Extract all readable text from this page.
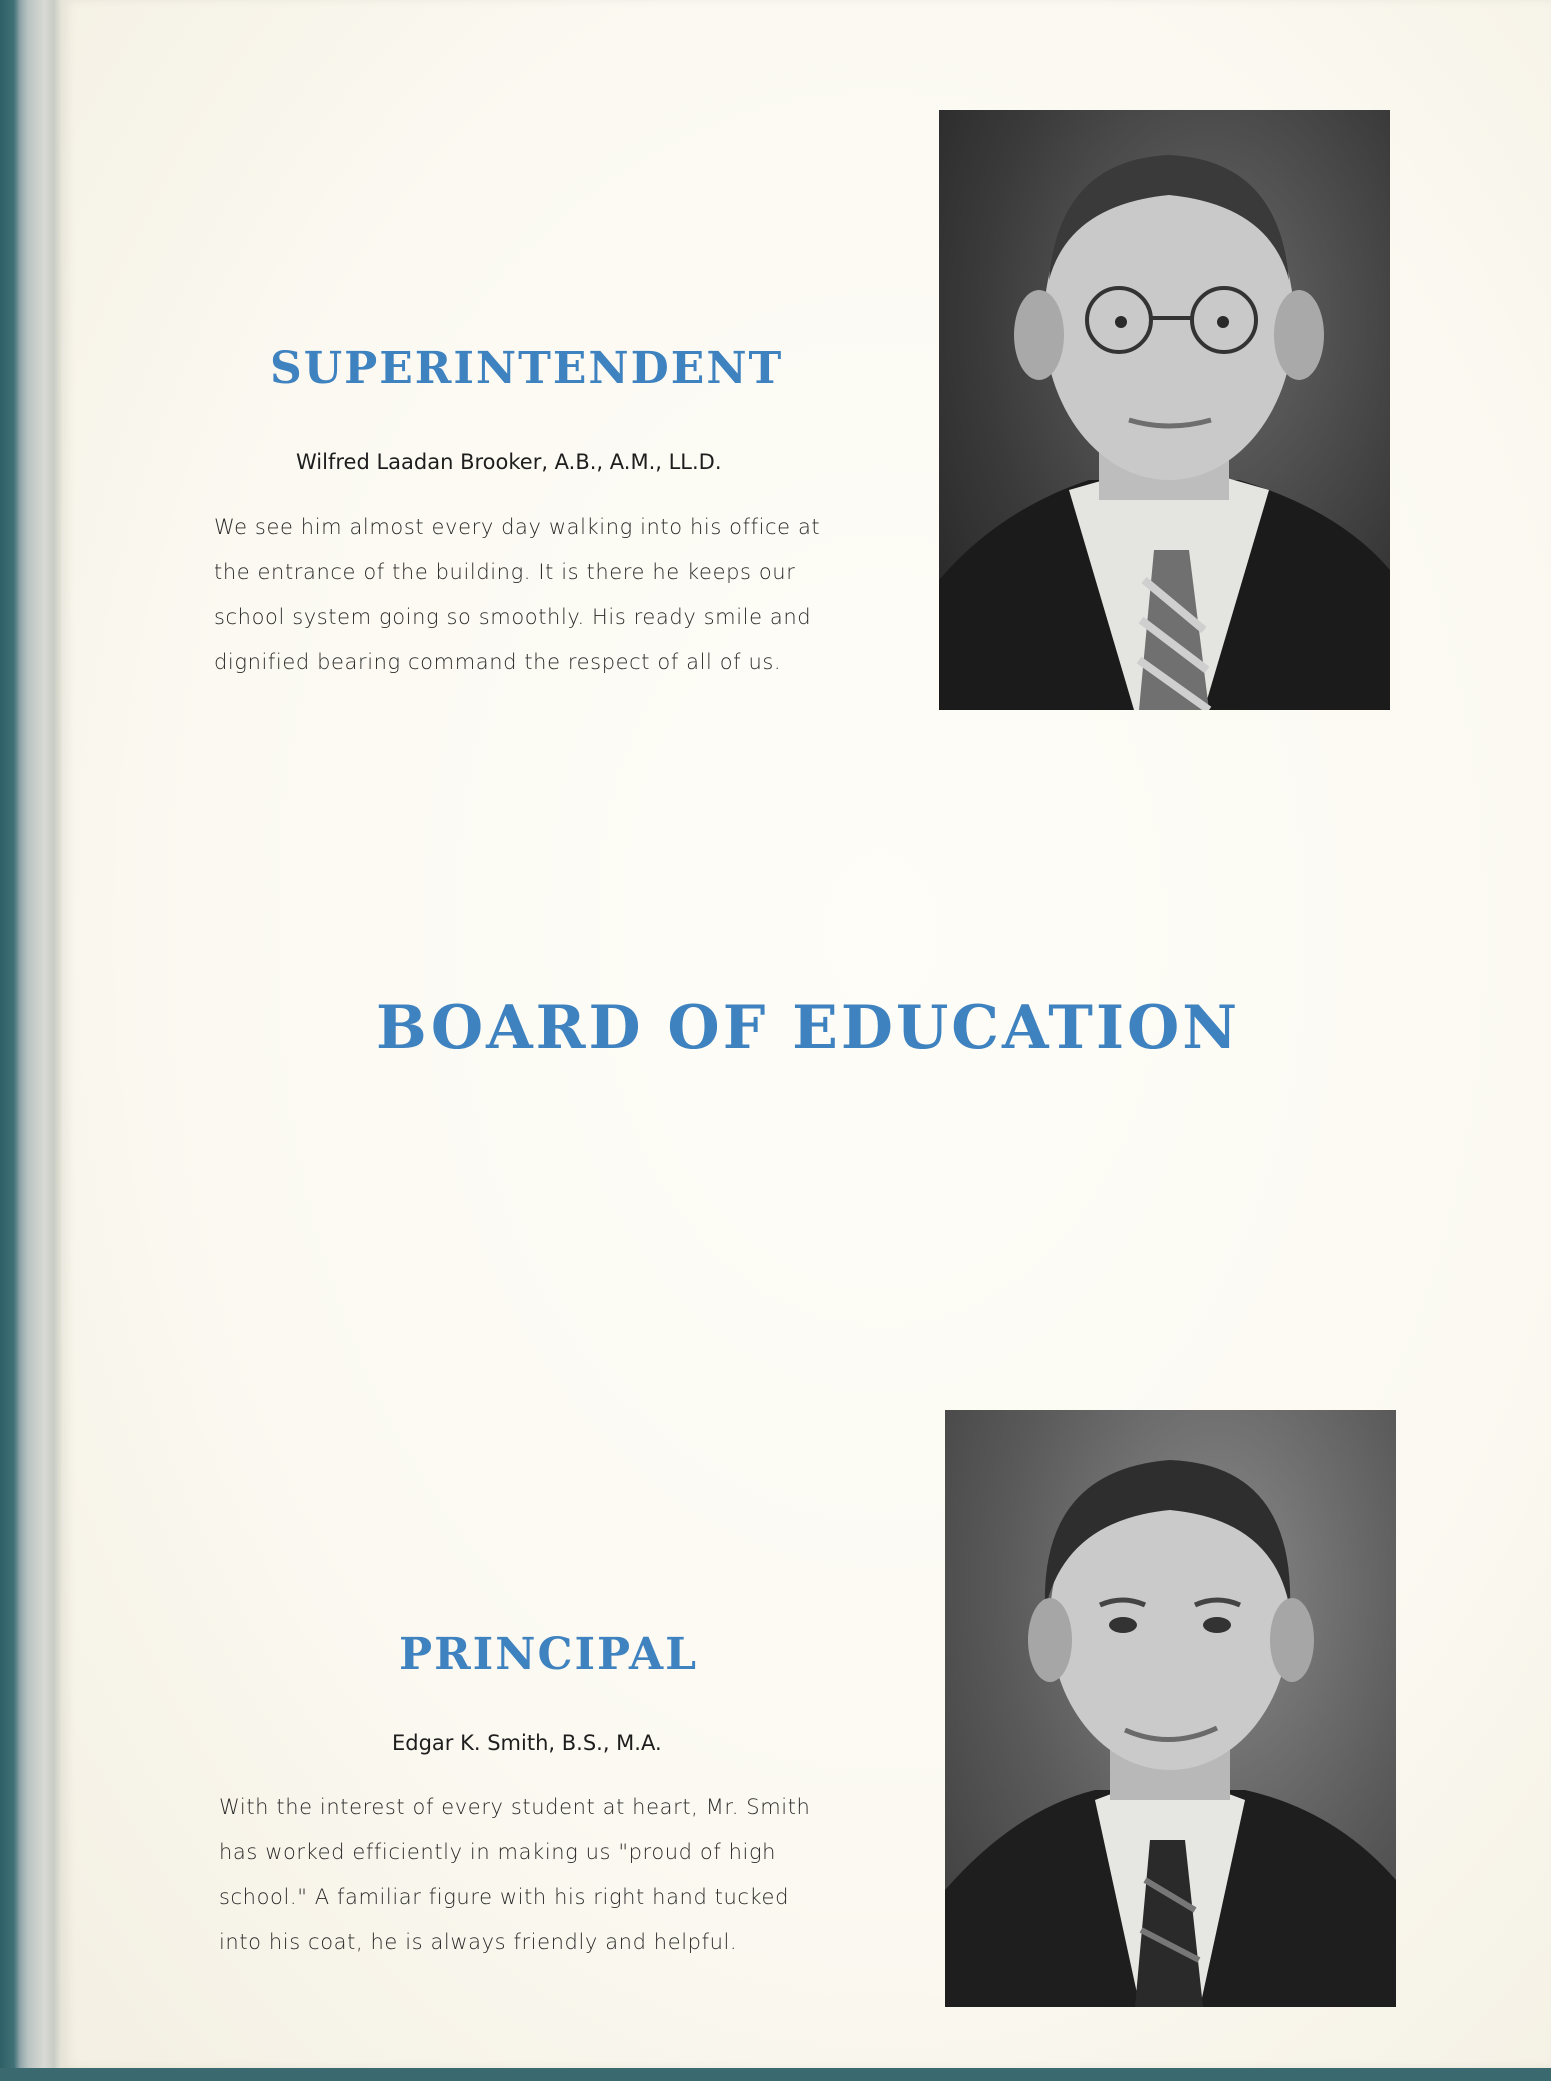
SUPERINTENDENT

Wilfred Laadan Brooker, A.B., A.M., LL.D.

We see him almost every day walking into his office at
the entrance of the building. It is there he keeps our
school system going so smoothly. His ready smile and
dignified bearing command the respect of all of us.

BOARD OF EDUCATION
PRINCIPAL

Edgar K. Smith, B.S., M.A.

With the interest of every student at heart, Mr. Smith
has worked efficiently in making us "proud of high
school." A familiar figure with his right hand tucked
into his coat, he is always friendly and helpful.
